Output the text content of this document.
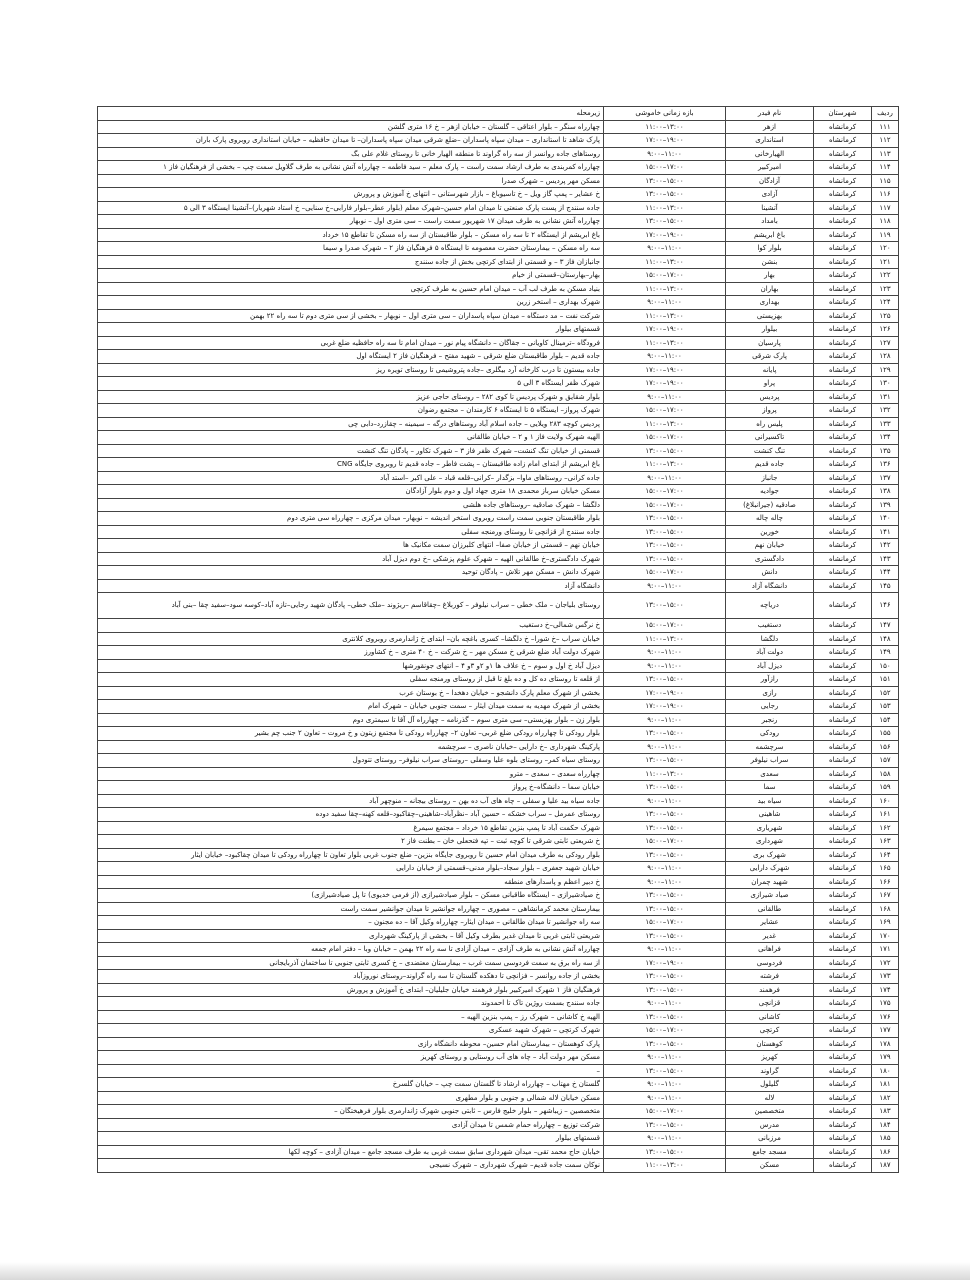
ردیف	شهرستان	نام فیدر	بازه زمانی خاموشی	زیرمحله
۱۱۱	کرمانشاه	ازهر	۱۱:۰۰–۱۳:۰۰	چهارراه سنگر – بلوار اعتاقی – گلستان – خیابان ازهر – خ ۱۶ متری گلشن
۱۱۲	کرمانشاه	استانداری	۱۷:۰۰–۱۹:۰۰	پارک شاهد تا استانداری – میدان سپاه پاسداران –ضلع شرقی میدان سپاه پاسداران– تا میدان حافظیه – خیابان استانداری روبروی پارک باران
۱۱۳	کرمانشاه	الهیارخانی	۹:۰۰–۱۱:۰۰	روستاهای جاده روانسر از سه راه گراوند تا منطقه الهیار خانی تا روستای غلام علی بگ
۱۱۴	کرمانشاه	امیرکبیر	۱۵:۰۰–۱۷:۰۰	چهارراه کمربندی به طرف ارشاد سمت راست – پارک معلم – سید فاطمه – چهارراه آتش نشانی به طرف گلاویل سمت چپ – بخشی از فرهنگیان فاز ۱
۱۱۵	کرمانشاه	آزادگان	۱۳:۰۰–۱۵:۰۰	مسکن مهر پردیس – شهرک صدرا
۱۱۶	کرمانشاه	آزادی	۱۳:۰۰–۱۵:۰۰	خ عشایر – پمپ گاز ویل – خ تاسیوباغ – بازار شهرستانی – انتهای خ آموزش و پرورش
۱۱۷	کرمانشاه	آتشینا	۱۱:۰۰–۱۳:۰۰	جاده سنندج از پست پارک صنعتی تا میدان امام حسین–شهرک معلم (بلوار عطر–بلوار فارابی–خ سنایی– خ استاد شهریار)–آتشینا ایستگاه ۳ الی ۵
۱۱۸	کرمانشاه	بامداد	۱۳:۰۰–۱۵:۰۰	چهارراه آتش نشانی به طرف میدان ۱۷ شهریور سمت راست – سی متری اول – نوبهار
۱۱۹	کرمانشاه	باغ ابریشم	۱۷:۰۰–۱۹:۰۰	باغ ابریشم از ایستگاه ۲ تا سه راه مسکن – بلوار طاقبستان از سه راه مسکن تا تقاطع ۱۵ خرداد
۱۲۰	کرمانشاه	بلوار کوا	۹:۰۰–۱۱:۰۰	سه راه مسکن – بیمارستان حضرت معصومه تا ایستگاه ۵ فرهنگیان فاز ۲ – شهرک صدرا و سیما
۱۲۱	کرمانشاه	بنشن	۱۱:۰۰–۱۳:۰۰	جانبازان فاز ۳ – و قسمتی از ابتدای کرتچی بخش از جاده سنندج
۱۲۲	کرمانشاه	بهار	۱۵:۰۰–۱۷:۰۰	بهار–بهارستان–قسمتی از خیام
۱۲۳	کرمانشاه	بهاران	۱۱:۰۰–۱۳:۰۰	بنیاد مسکن به طرف لب آب – میدان امام حسین به طرف کرتچی
۱۲۴	کرمانشاه	بهداری	۹:۰۰–۱۱:۰۰	شهرک بهداری – استخر زرین
۱۲۵	کرمانشاه	بهزیستی	۱۱:۰۰–۱۳:۰۰	شرکت نفت – مد دستگاه – میدان سپاه پاسداران – سی متری اول – نوبهار – بخشی از سی متری دوم تا سه راه ۲۲ بهمن
۱۲۶	کرمانشاه	بیلوار	۱۷:۰۰–۱۹:۰۰	قسمتهای بیلوار
۱۲۷	کرمانشاه	پارسیان	۱۱:۰۰–۱۳:۰۰	فرودگاه –ترمینال کاویانی – جقاگان – دانشگاه پیام نور – میدان امام تا سه راه حافظیه ضلع غربی
۱۲۸	کرمانشاه	پارک شرقی	۹:۰۰–۱۱:۰۰	جاده قدیم – بلوار طاقبستان ضلع شرقی – شهید مفتح – فرهنگیان فاز ۲ ایستگاه اول
۱۲۹	کرمانشاه	پایانه	۱۷:۰۰–۱۹:۰۰	جاده بیستون تا درب کارخانه آرد بیگلری –جاده پتروشیمی تا روستای تویره ریز
۱۳۰	کرمانشاه	پراو	۱۷:۰۰–۱۹:۰۰	شهرک ظفر ایستگاه ۳ الی ۵
۱۳۱	کرمانشاه	پردیس	۹:۰۰–۱۱:۰۰	بلوار شقایق و شهرک پردیس تا کوی ۲۸۲ – روستای حاجی عزیز
۱۳۲	کرمانشاه	پرواز	۱۵:۰۰–۱۷:۰۰	شهرک پرواز– ایستگاه ۵ تا ایستگاه ۶ کارمندان – مجتمع رضوان
۱۳۳	کرمانشاه	پلیس راه	۱۱:۰۰–۱۳:۰۰	پردیس کوچه ۲۸۳ ویلایی – جاده اسلام آباد روستاهای درگه – سیمینه – چقازرد–دابی چی
۱۳۴	کرمانشاه	تاکسیرانی	۱۵:۰۰–۱۷:۰۰	الهیه شهرک ولایت فاز ۱ و ۲ – خیابان طالقانی
۱۳۵	کرمانشاه	تنگ کنشت	۱۳:۰۰–۱۵:۰۰	قسمتی از خیابان تنگ کنشت– شهرک ظفر فاز ۳ – شهرک تکاور – پادگان تنگ کنشت
۱۳۶	کرمانشاه	جاده قدیم	۱۱:۰۰–۱۳:۰۰	باغ ابریشم از ابتدای امام زاده طاقبستان – پشت فاطر – جاده قدیم تا روبروی جایگاه CNG
۱۳۷	کرمانشاه	جانباز	۹:۰۰–۱۱:۰۰	جاده کرانی– روستاهای ماوا– بزگدار –کرانی–قلعه قباد – علی اکبر –استد آباد
۱۳۸	کرمانشاه	جوادیه	۱۵:۰۰–۱۷:۰۰	مسکن خیابان سرباز محمدی ۱۸ متری جهاد اول و دوم بلوار آزادگان
۱۳۹	کرمانشاه	صادقیه (جیرانبلاغ)	۱۵:۰۰–۱۷:۰۰	دلگشا – شهرک صادقیه –روستاهای جاده هلشی
۱۴۰	کرمانشاه	چاله چاله	۱۳:۰۰–۱۵:۰۰	بلوار طاقبستان جنوبی سمت راست روبروی استخر اندیشه – نوبهار– میدان مرکزی – چهارراه سی متری دوم
۱۴۱	کرمانشاه	خورین	۱۳:۰۰–۱۵:۰۰	جاده سنندج از قزانچی تا روستای ورمنجه سفلی
۱۴۲	کرمانشاه	خیابان نهم	۱۳:۰۰–۱۵:۰۰	خیابان نهم – قسمتی از خیابان صفا– انتهای کلبرزان سمت مکانیک ها
۱۴۳	کرمانشاه	دادگستری	۱۳:۰۰–۱۵:۰۰	شهرک دادگستری–خ طالقانی الهیه – شهرک علوم پزشکی –خ دوم دیزل آباد
۱۴۴	کرمانشاه	دانش	۱۵:۰۰–۱۷:۰۰	شهرک دانش – مسکن مهر تلاش – پادگان توحید
۱۴۵	کرمانشاه	دانشگاه آزاد	۹:۰۰–۱۱:۰۰	دانشگاه آزاد
۱۴۶	کرمانشاه	دریاچه	۱۳:۰۰–۱۵:۰۰	روستای بلیاجان – ملک خطی – سراب نیلوفر – کوربلاغ –چقاقاسم –ریژوند –ملک خطی– پادگان شهید رجایی–تازه آباد–کوسه سود–سفید چقا –بنی آباد
۱۴۷	کرمانشاه	دستغیب	۱۵:۰۰–۱۷:۰۰	خ نرگس شمالی–خ دستغیب
۱۴۸	کرمانشاه	دلگشا	۱۱:۰۰–۱۳:۰۰	خیابان سراب –خ شورا– خ دلگشا– کسری باغچه بان– ابتدای خ ژاندارمری روبروی کلانتری
۱۴۹	کرمانشاه	دولت آباد	۹:۰۰–۱۱:۰۰	شهرک دولت آباد ضلع شرقی خ مسکن مهر – خ شرکت – خ ۴۰ متری – خ کشاورز
۱۵۰	کرمانشاه	دیزل آباد	۹:۰۰–۱۱:۰۰	دیزل آباد خ اول و سوم – خ علاف ها ۱و ۲و ۳و ۴ – انتهای جونقورشها
۱۵۱	کرمانشاه	رازآور	۱۳:۰۰–۱۵:۰۰	از قلعه تا روستای ده کل و ده بلغ تا قبل از روستای ورمنجه سفلی
۱۵۲	کرمانشاه	رازی	۱۷:۰۰–۱۹:۰۰	بخشی از شهرک معلم پارک دانشجو – خیابان دهخدا – خ بوستان عرب
۱۵۳	کرمانشاه	رجایی	۱۷:۰۰–۱۹:۰۰	بخشی از شهرک مهدیه به سمت میدان ایثار – سمت جنوبی خیابان – شهرک امام
۱۵۴	کرمانشاه	رنجبر	۹:۰۰–۱۱:۰۰	بلوار زن – بلوار بهزیستی– سی متری سوم – گذرنامه – چهارراه آل آقا تا سیمتری دوم
۱۵۵	کرمانشاه	رودکی	۱۳:۰۰–۱۵:۰۰	بلوار رودکی تا چهارراه رودکی ضلع غربی– تعاون ۲– چهارراه رودکی تا مجتمع زیتون و خ مروت – تعاون ۲ جنب چم بشیر
۱۵۶	کرمانشاه	سرچشمه	۹:۰۰–۱۱:۰۰	پارکینگ شهرداری –خ دارایی –خیابان ناصری – سرچشمه
۱۵۷	کرمانشاه	سراب نیلوفر	۱۳:۰۰–۱۵:۰۰	روستای سیاه کمر– روستای بلوه علیا وسفلی –روستای سراب نیلوفر– روستای تتودول
۱۵۸	کرمانشاه	سعدی	۱۱:۰۰–۱۳:۰۰	چهارراه سعدی – سعدی – مترو
۱۵۹	کرمانشاه	سما	۱۳:۰۰–۱۵:۰۰	خیابان سما – دانشگاه–خ پرواز
۱۶۰	کرمانشاه	سیاه بید	۹:۰۰–۱۱:۰۰	جاده سیاه بید علیا و سفلی – چاه های آب ده بهن – روستای بیجانه – منوچهر آباد
۱۶۱	کرمانشاه	شاهینی	۱۳:۰۰–۱۵:۰۰	روستای عمرمل – سراب خشکه – حسین آباد –نظرآباد–شاهینی–چقاکبود–قلعه کهنه–چقا سفید دوده
۱۶۲	کرمانشاه	شهریاری	۱۳:۰۰–۱۵:۰۰	شهرک حکمت آباد تا پمپ بنزین تقاطع ۱۵ خرداد – مجتمع سیمرغ
۱۶۳	کرمانشاه	شهرداری	۱۵:۰۰–۱۷:۰۰	خ شریعتی ثابتی شرقی تا کوچه ثبت – تپه فتحعلی خان – بطنت فاز ۲
۱۶۴	کرمانشاه	شهرک بری	۱۳:۰۰–۱۵:۰۰	بلوار رودکی به طرف میدان امام حسین تا روبروی جایگاه بنزین– ضلع جنوب غربی بلوار تعاون تا چهارراه رودکی تا میدان چقاکبود– خیابان ایثار
۱۶۵	کرمانشاه	شهرک دارایی	۹:۰۰–۱۱:۰۰	خیابان شهید جعفری – بلوار سجاد–بلوار مدنی–قسمتی از خیابان دارایی
۱۶۶	کرمانشاه	شهید چمران	۹:۰۰–۱۱:۰۰	خ دبیر اعظم و پاسدارهای منطقه
۱۶۷	کرمانشاه	صیاد شیرازی	۱۳:۰۰–۱۵:۰۰	خ صیادشیرازی – ایستگاه طاقبانی مسکن – بلوار صیادشیرازی (از فرمی خدیوی) تا پل صیادشیرازی)
۱۶۸	کرمانشاه	طالقانی	۱۳:۰۰–۱۵:۰۰	بیمارستان محمد کرمانشاهی – مصوری – چهارراه جوانشیر تا میدان جوانشیر سمت راست
۱۶۹	کرمانشاه	عشایر	۱۵:۰۰–۱۷:۰۰	سه راه جوانشیر تا میدان طالقانی – میدان ایثار– چهارراه وکیل آقا – ده مجنون –
۱۷۰	کرمانشاه	غدیر	۱۳:۰۰–۱۵:۰۰	شریعتی ثابتی غربی تا میدان غدیر بطرف وکیل آقا – بخشی از پارکینگ شهرداری
۱۷۱	کرمانشاه	فراهانی	۹:۰۰–۱۱:۰۰	چهارراه آتش نشانی به طرف آزادی – میدان آزادی تا سه راه ۲۲ بهمن – خیابان وبا – دفتر امام جمعه
۱۷۲	کرمانشاه	فردوسی	۱۷:۰۰–۱۹:۰۰	از سه راه برق به سمت فردوسی سمت غرب – بیمارستان معتضدی – خ کسری ثابتی جنوبی تا ساختمان آذربایجانی
۱۷۳	کرمانشاه	فرشته	۱۳:۰۰–۱۵:۰۰	بخشی از جاده روانسر – فزانچی تا دهکده گلستان تا سه راه گراوند–روستای نوروزآباد
۱۷۴	کرمانشاه	فرهمند	۱۳:۰۰–۱۵:۰۰	فرهنگیان فاز ۱ شهرک امیرکبیر بلوار فرهمند خیابان جلیلیان– ابتدای خ آموزش و پرورش
۱۷۵	کرمانشاه	قزانچی	۹:۰۰–۱۱:۰۰	جاده سنندج بسمت روژین تاک تا احمدوند
۱۷۶	کرمانشاه	کاشانی	۱۳:۰۰–۱۵:۰۰	الهیه خ کاشانی – شهرک رز – پمپ بنزین الهیه –
۱۷۷	کرمانشاه	کرتچی	۱۵:۰۰–۱۷:۰۰	شهرک کرتچی – شهرک شهید عسکری
۱۷۸	کرمانشاه	کوهستان	۱۳:۰۰–۱۵:۰۰	پارک کوهستان – بیمارستان امام حسین– محوطه دانشگاه رازی
۱۷۹	کرمانشاه	کهریز	۹:۰۰–۱۱:۰۰	مسکن مهر دولت آباد – چاه های آب روستایی و روستای کهریز
۱۸۰	کرمانشاه	گراوند	۱۳:۰۰–۱۵:۰۰	–
۱۸۱	کرمانشاه	گلیلول	۹:۰۰–۱۱:۰۰	گلستان خ مهتاب – چهارراه ارشاد تا گلستان سمت چپ – خیابان گلسرخ
۱۸۲	کرمانشاه	لاله	۹:۰۰–۱۱:۰۰	مسکن خیابان لاله شمالی و جنوبی و بلوار مطهری
۱۸۳	کرمانشاه	متخصصین	۱۵:۰۰–۱۷:۰۰	متخصصین – زیباشهر – بلوار خلیج فارس – ثابتی جنوبی شهرک ژاندارمری بلوار فرهیختگان –
۱۸۴	کرمانشاه	مدرس	۱۳:۰۰–۱۵:۰۰	شرکت توزیع – چهارراه حمام شمس تا میدان آزادی
۱۸۵	کرمانشاه	مرزبانی	۹:۰۰–۱۱:۰۰	قسمتهای بیلوار
۱۸۶	کرمانشاه	مسجد جامع	۱۳:۰۰–۱۵:۰۰	خیابان حاج محمد تقی– میدان شهرداری سابق سمت غربی به طرف مسجد جامع – میدان آزادی – کوچه لکها
۱۸۷	کرمانشاه	مسکن	۱۱:۰۰–۱۳:۰۰	نوکان سمت جاده قدیم– شهرک شهرداری – شهرک نسیجی
